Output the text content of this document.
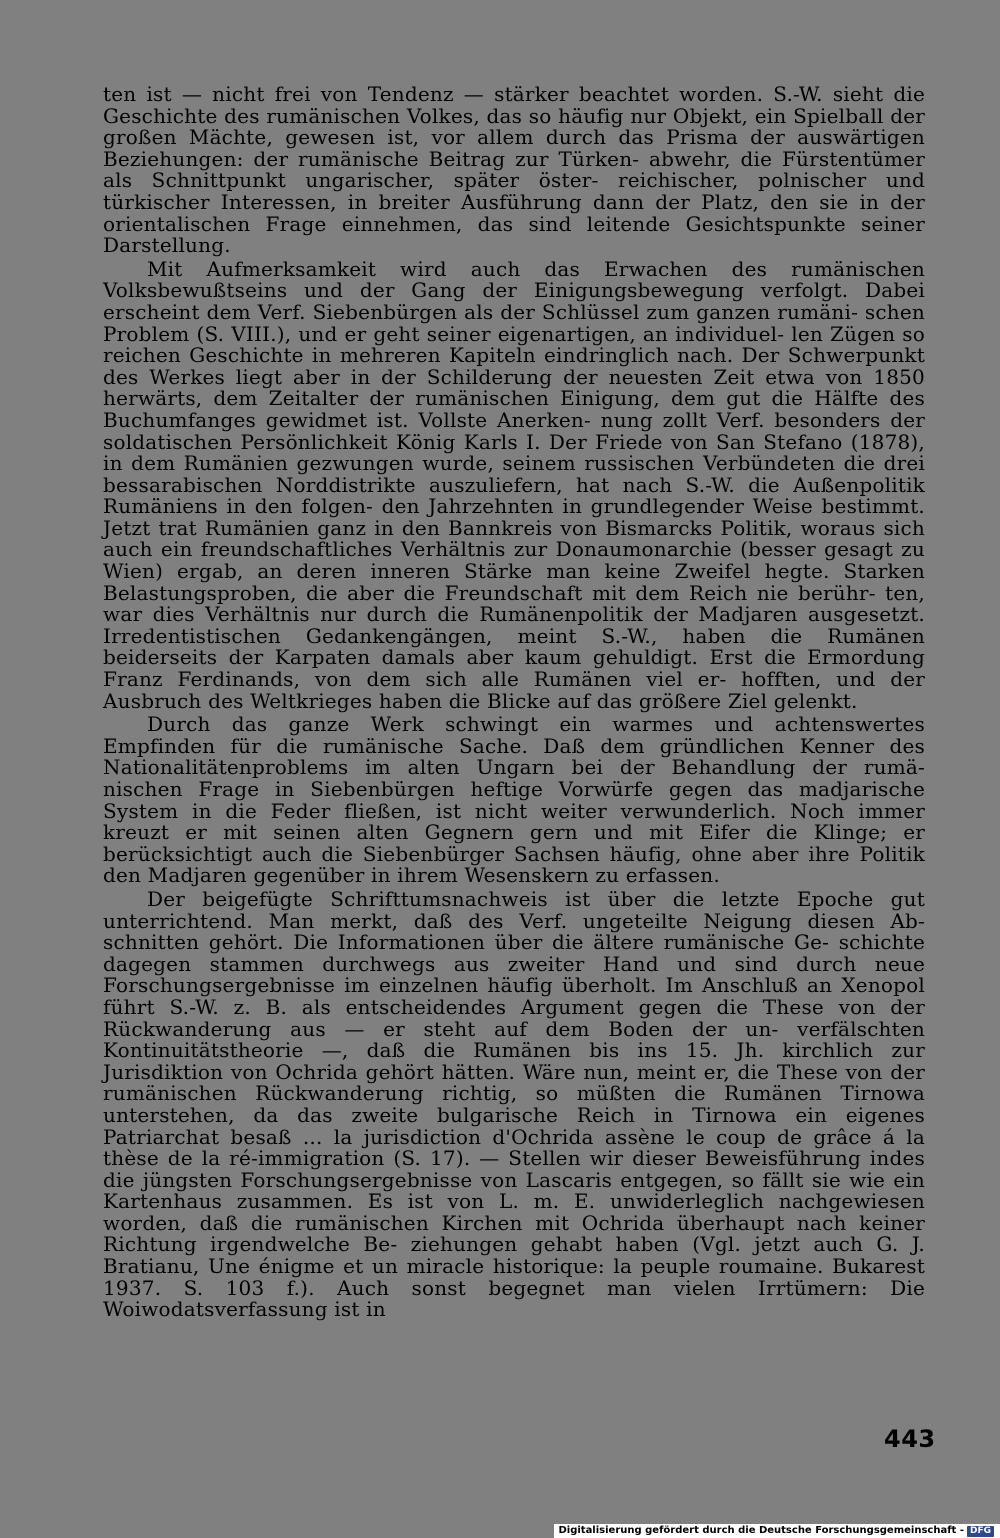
ten ist — nicht frei von Tendenz — stärker beachtet worden. S.-W. sieht die Geschichte des rumänischen Volkes, das so häufig nur Objekt, ein Spielball der großen Mächte, gewesen ist, vor allem durch das Prisma der auswärtigen Beziehungen: der rumänische Beitrag zur Türken- abwehr, die Fürstentümer als Schnittpunkt ungarischer, später öster- reichischer, polnischer und türkischer Interessen, in breiter Ausführung dann der Platz, den sie in der orientalischen Frage einnehmen, das sind leitende Gesichtspunkte seiner Darstellung.

Mit Aufmerksamkeit wird auch das Erwachen des rumänischen Volksbewußtseins und der Gang der Einigungsbewegung verfolgt. Dabei erscheint dem Verf. Siebenbürgen als der Schlüssel zum ganzen rumäni- schen Problem (S. VIII.), und er geht seiner eigenartigen, an individuel- len Zügen so reichen Geschichte in mehreren Kapiteln eindringlich nach. Der Schwerpunkt des Werkes liegt aber in der Schilderung der neuesten Zeit etwa von 1850 herwärts, dem Zeitalter der rumänischen Einigung, dem gut die Hälfte des Buchumfanges gewidmet ist. Vollste Anerken- nung zollt Verf. besonders der soldatischen Persönlichkeit König Karls I. Der Friede von San Stefano (1878), in dem Rumänien gezwungen wurde, seinem russischen Verbündeten die drei bessarabischen Norddistrikte auszuliefern, hat nach S.-W. die Außenpolitik Rumäniens in den folgen- den Jahrzehnten in grundlegender Weise bestimmt. Jetzt trat Rumänien ganz in den Bannkreis von Bismarcks Politik, woraus sich auch ein freundschaftliches Verhältnis zur Donaumonarchie (besser gesagt zu Wien) ergab, an deren inneren Stärke man keine Zweifel hegte. Starken Belastungsproben, die aber die Freundschaft mit dem Reich nie berühr- ten, war dies Verhältnis nur durch die Rumänenpolitik der Madjaren ausgesetzt. Irredentistischen Gedankengängen, meint S.-W., haben die Rumänen beiderseits der Karpaten damals aber kaum gehuldigt. Erst die Ermordung Franz Ferdinands, von dem sich alle Rumänen viel er- hofften, und der Ausbruch des Weltkrieges haben die Blicke auf das größere Ziel gelenkt.

Durch das ganze Werk schwingt ein warmes und achtenswertes Empfinden für die rumänische Sache. Daß dem gründlichen Kenner des Nationalitätenproblems im alten Ungarn bei der Behandlung der rumä- nischen Frage in Siebenbürgen heftige Vorwürfe gegen das madjarische System in die Feder fließen, ist nicht weiter verwunderlich. Noch immer kreuzt er mit seinen alten Gegnern gern und mit Eifer die Klinge; er berücksichtigt auch die Siebenbürger Sachsen häufig, ohne aber ihre Politik den Madjaren gegenüber in ihrem Wesenskern zu erfassen.

Der beigefügte Schrifttumsnachweis ist über die letzte Epoche gut unterrichtend. Man merkt, daß des Verf. ungeteilte Neigung diesen Ab- schnitten gehört. Die Informationen über die ältere rumänische Ge- schichte dagegen stammen durchwegs aus zweiter Hand und sind durch neue Forschungsergebnisse im einzelnen häufig überholt. Im Anschluß an Xenopol führt S.-W. z. B. als entscheidendes Argument gegen die These von der Rückwanderung aus — er steht auf dem Boden der un- verfälschten Kontinuitätstheorie —, daß die Rumänen bis ins 15. Jh. kirchlich zur Jurisdiktion von Ochrida gehört hätten. Wäre nun, meint er, die These von der rumänischen Rückwanderung richtig, so müßten die Rumänen Tirnowa unterstehen, da das zweite bulgarische Reich in Tirnowa ein eigenes Patriarchat besaß ... la jurisdiction d'Ochrida assène le coup de grâce á la thèse de la ré-immigration (S. 17). — Stellen wir dieser Beweisführung indes die jüngsten Forschungsergebnisse von Lascaris entgegen, so fällt sie wie ein Kartenhaus zusammen. Es ist von L. m. E. unwiderleglich nachgewiesen worden, daß die rumänischen Kirchen mit Ochrida überhaupt nach keiner Richtung irgendwelche Be- ziehungen gehabt haben (Vgl. jetzt auch G. J. Bratianu, Une énigme et un miracle historique: la peuple roumaine. Bukarest 1937. S. 103 f.). Auch sonst begegnet man vielen Irrtümern: Die Woiwodatsverfassung ist in

443
Digitalisierung gefördert durch die Deutsche Forschungsgemeinschaft - DFG
